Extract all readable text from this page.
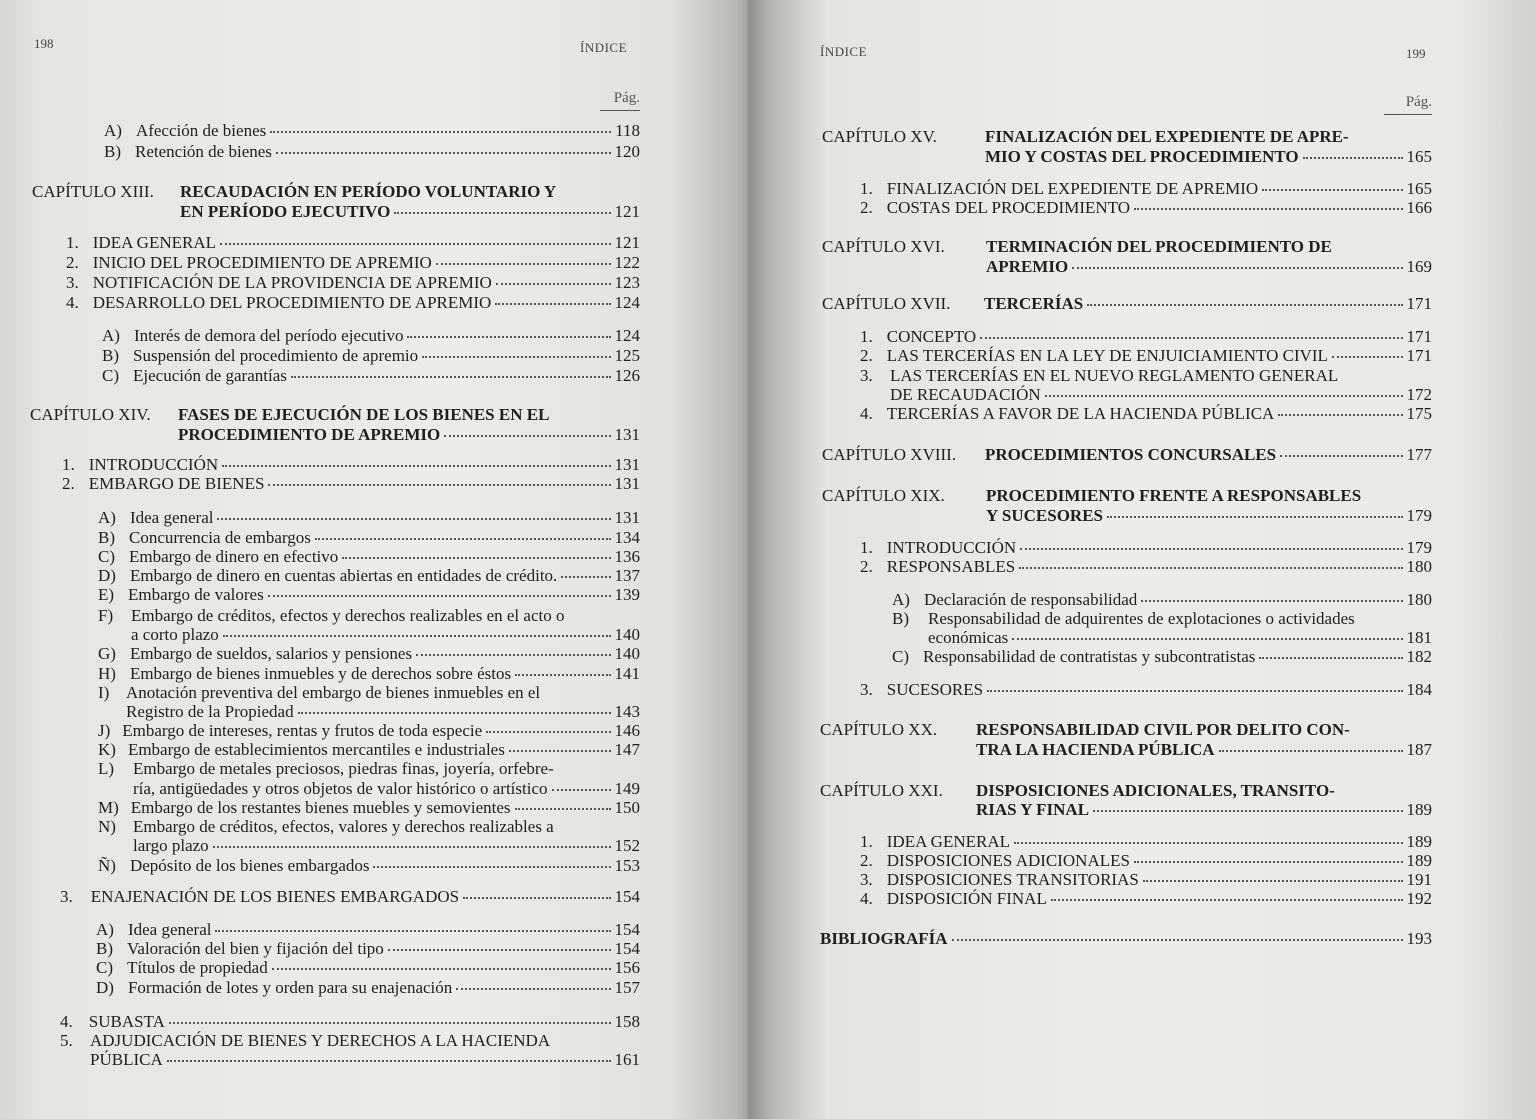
198	ÍNDICE
Pág.
A) Afección de bienes	118
B) Retención de bienes	120
CAPÍTULO XIII. RECAUDACIÓN EN PERÍODO VOLUNTARIO Y
EN PERÍODO EJECUTIVO	121
1. IDEA GENERAL	121
2. INICIO DEL PROCEDIMIENTO DE APREMIO	122
3. NOTIFICACIÓN DE LA PROVIDENCIA DE APREMIO	123
4. DESARROLLO DEL PROCEDIMIENTO DE APREMIO	124
A) Interés de demora del período ejecutivo	124
B) Suspensión del procedimiento de apremio	125
C) Ejecución de garantías	126
CAPÍTULO XIV. FASES DE EJECUCIÓN DE LOS BIENES EN EL
PROCEDIMIENTO DE APREMIO	131
1. INTRODUCCIÓN	131
2. EMBARGO DE BIENES	131
A) Idea general	131
B) Concurrencia de embargos	134
C) Embargo de dinero en efectivo	136
D) Embargo de dinero en cuentas abiertas en entidades de crédito.	137
E) Embargo de valores	139
F) Embargo de créditos, efectos y derechos realizables en el acto o
a corto plazo	140
G) Embargo de sueldos, salarios y pensiones	140
H) Embargo de bienes inmuebles y de derechos sobre éstos	141
I) Anotación preventiva del embargo de bienes inmuebles en el
Registro de la Propiedad	143
J) Embargo de intereses, rentas y frutos de toda especie	146
K) Embargo de establecimientos mercantiles e industriales	147
L) Embargo de metales preciosos, piedras finas, joyería, orfebre-
ría, antigüedades y otros objetos de valor histórico o artístico	149
M) Embargo de los restantes bienes muebles y semovientes	150
N) Embargo de créditos, efectos, valores y derechos realizables a
largo plazo	152
Ñ) Depósito de los bienes embargados	153
3. ENAJENACIÓN DE LOS BIENES EMBARGADOS	154
A) Idea general	154
B) Valoración del bien y fijación del tipo	154
C) Títulos de propiedad	156
D) Formación de lotes y orden para su enajenación	157
4. SUBASTA	158
5. ADJUDICACIÓN DE BIENES Y DERECHOS A LA HACIENDA
PÚBLICA	161
ÍNDICE	199
Pág.
CAPÍTULO XV.	FINALIZACIÓN DEL EXPEDIENTE DE APRE-
MIO Y COSTAS DEL PROCEDIMIENTO	165
1. FINALIZACIÓN DEL EXPEDIENTE DE APREMIO	165
2. COSTAS DEL PROCEDIMIENTO	166
CAPÍTULO XVI. TERMINACIÓN DEL PROCEDIMIENTO DE
APREMIO	169
CAPÍTULO XVII. TERCERÍAS	171
1. CONCEPTO	171
2. LAS TERCERÍAS EN LA LEY DE ENJUICIAMIENTO CIVIL	171
3. LAS TERCERÍAS EN EL NUEVO REGLAMENTO GENERAL
DE RECAUDACIÓN	172
4. TERCERÍAS A FAVOR DE LA HACIENDA PÚBLICA	175
CAPÍTULO XVIII. PROCEDIMIENTOS CONCURSALES	177
CAPÍTULO XIX. PROCEDIMIENTO FRENTE A RESPONSABLES
Y SUCESORES	179
1. INTRODUCCIÓN	179
2. RESPONSABLES	180
A) Declaración de responsabilidad	180
B) Responsabilidad de adquirentes de explotaciones o actividades
económicas	181
C) Responsabilidad de contratistas y subcontratistas	182
3. SUCESORES	184
CAPÍTULO XX. RESPONSABILIDAD CIVIL POR DELITO CON-
TRA LA HACIENDA PÚBLICA	187
CAPÍTULO XXI. DISPOSICIONES ADICIONALES, TRANSITO-
RIAS Y FINAL	189
1. IDEA GENERAL	189
2. DISPOSICIONES ADICIONALES	189
3. DISPOSICIONES TRANSITORIAS	191
4. DISPOSICIÓN FINAL	192
BIBLIOGRAFÍA	193
